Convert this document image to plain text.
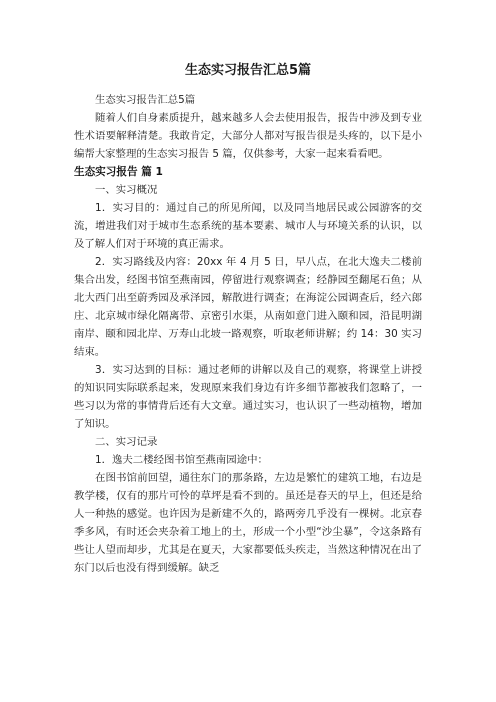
生态实习报告汇总5篇

生态实习报告汇总5篇

随着人们自身素质提升，越来越多人会去使用报告，报告中涉及到专业性术语要解释清楚。我敢肯定，大部分人都对写报告很是头疼的，以下是小编帮大家整理的生态实习报告 5 篇，仅供参考，大家一起来看看吧。

生态实习报告 篇 1

一、实习概况

1．实习目的：通过自己的所见所闻，以及同当地居民或公园游客的交流，增进我们对于城市生态系统的基本要素、城市人与环境关系的认识，以及了解人们对于环境的真正需求。

2．实习路线及内容：20xx 年 4 月 5 日，早八点，在北大逸夫二楼前集合出发，经图书馆至燕南园，停留进行观察调查；经静园至翻尾石鱼；从北大西门出至蔚秀园及承泽园，解散进行调查；在海淀公园调查后，经六郎庄、北京城市绿化隔离带、京密引水渠，从南如意门进入颐和园，沿昆明湖南岸、颐和园北岸、万寿山北坡一路观察，听取老师讲解；约 14：30 实习结束。

3．实习达到的目标：通过老师的讲解以及自己的观察，将课堂上讲授的知识同实际联系起来，发现原来我们身边有许多细节都被我们忽略了，一些习以为常的事情背后还有大文章。通过实习，也认识了一些动植物，增加了知识。

二、实习记录

1．逸夫二楼经图书馆至燕南园途中：

在图书馆前回望，通往东门的那条路，左边是繁忙的建筑工地，右边是教学楼，仅有的那片可怜的草坪是看不到的。虽还是春天的早上，但还是给人一种热的感觉。也许因为是新建不久的，路两旁几乎没有一棵树。北京春季多风，有时还会夹杂着工地上的土，形成一个小型“沙尘暴”，令这条路有些让人望而却步，尤其是在夏天，大家都要低头疾走，当然这种情况在出了东门以后也没有得到缓解。缺乏
